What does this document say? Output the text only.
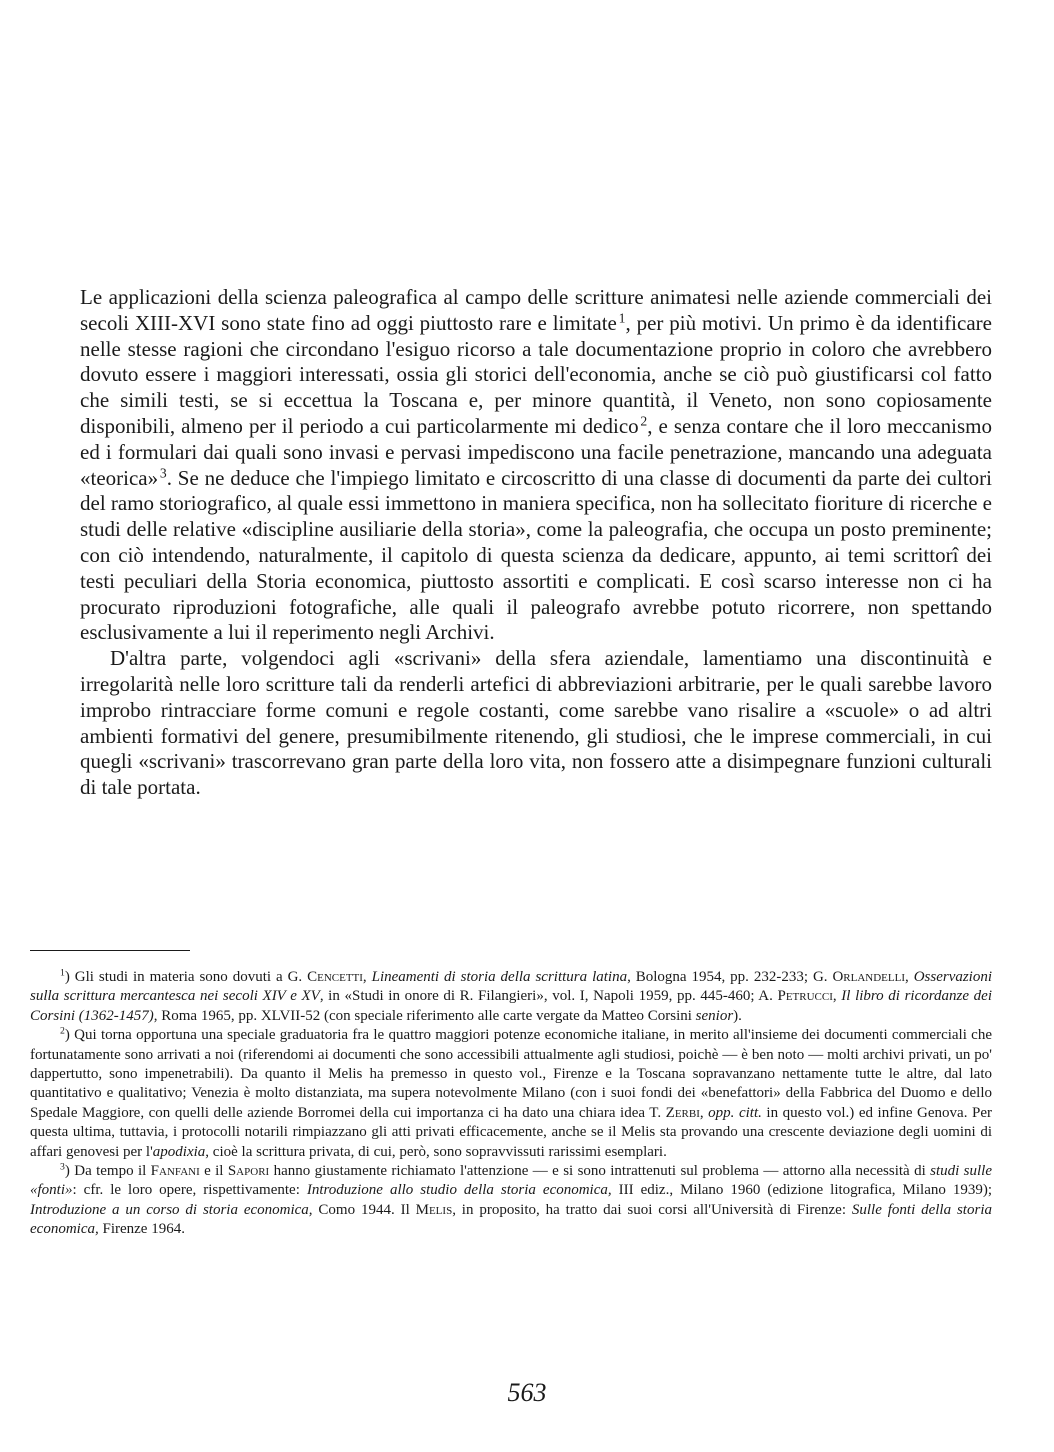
Le applicazioni della scienza paleografica al campo delle scritture animatesi nelle aziende commerciali dei secoli XIII-XVI sono state fino ad oggi piuttosto rare e limitate  $^1$, per più motivi. Un primo è da identificare nelle stesse ragioni che circondano l'esiguo ricorso a tale documentazione proprio in coloro che avrebbero dovuto essere i maggiori interessati, ossia gli storici dell'economia, anche se ciò può giustificarsi col fatto che simili testi, se si eccettua la Toscana e, per minore quantità, il Veneto, non sono copiosamente disponibili, almeno per il periodo a cui particolarmente mi dedico  $^2$, e senza contare che il loro meccanismo ed i formulari dai quali sono invasi e pervasi impediscono una facile penetrazione, mancando una adeguata «teorica»  $^3$. Se ne deduce che l'impiego limitato e circoscritto di una classe di documenti da parte dei cultori del ramo storiografico, al quale essi immettono in maniera specifica, non ha sollecitato fioriture di ricerche e studi delle relative «discipline ausiliarie della storia», come la paleografia, che occupa un posto preminente; con ciò intendendo, naturalmente, il capitolo di questa scienza da dedicare, appunto, ai temi scrittorî dei testi peculiari della Storia economica, piuttosto assortiti e complicati. E così scarso interesse non ci ha procurato riproduzioni fotografiche, alle quali il paleografo avrebbe potuto ricorrere, non spettando esclusivamente a lui il reperimento negli Archivi.

D'altra parte, volgendoci agli «scrivani» della sfera aziendale, lamentiamo una discontinuità e irregolarità nelle loro scritture tali da renderli artefici di abbreviazioni arbitrarie, per le quali sarebbe lavoro improbo rintracciare forme comuni e regole costanti, come sarebbe vano risalire a «scuole» o ad altri ambienti formativi del genere, presumibilmente ritenendo, gli studiosi, che le imprese commerciali, in cui quegli «scrivani» trascorrevano gran parte della loro vita, non fossero atte a disimpegnare funzioni culturali di tale portata.

$^1$) Gli studi in materia sono dovuti a G. Cencetti, Lineamenti di storia della scrittura latina, Bologna 1954, pp. 232-233; G. Orlandelli, Osservazioni sulla scrittura mercantesca nei secoli XIV e XV, in «Studi in onore di R. Filangieri», vol. I, Napoli 1959, pp. 445-460; A. Petrucci, Il libro di ricordanze dei Corsini (1362-1457), Roma 1965, pp. XLVII-52 (con speciale riferimento alle carte vergate da Matteo Corsini senior).

$^2$) Qui torna opportuna una speciale graduatoria fra le quattro maggiori potenze economiche italiane, in merito all'insieme dei documenti commerciali che fortunatamente sono arrivati a noi (riferendomi ai documenti che sono accessibili attualmente agli studiosi, poichè — è ben noto — molti archivi privati, un po' dappertutto, sono impenetrabili). Da quanto il Melis ha premesso in questo vol., Firenze e la Toscana sopravanzano nettamente tutte le altre, dal lato quantitativo e qualitativo; Venezia è molto distanziata, ma supera notevolmente Milano (con i suoi fondi dei «benefattori» della Fabbrica del Duomo e dello Spedale Maggiore, con quelli delle aziende Borromei della cui importanza ci ha dato una chiara idea T. Zerbi, opp. citt. in questo vol.) ed infine Genova. Per questa ultima, tuttavia, i protocolli notarili rimpiazzano gli atti privati efficacemente, anche se il Melis sta provando una crescente deviazione degli uomini di affari genovesi per l'apodixia, cioè la scrittura privata, di cui, però, sono sopravvissuti rarissimi esemplari.

$^3$) Da tempo il Fanfani e il Sapori hanno giustamente richiamato l'attenzione — e si sono intrattenuti sul problema — attorno alla necessità di studi sulle «fonti»: cfr. le loro opere, rispettivamente: Introduzione allo studio della storia economica, III ediz., Milano 1960 (edizione litografica, Milano 1939); Introduzione a un corso di storia economica, Como 1944. Il Melis, in proposito, ha tratto dai suoi corsi all'Università di Firenze: Sulle fonti della storia economica, Firenze 1964.

563
